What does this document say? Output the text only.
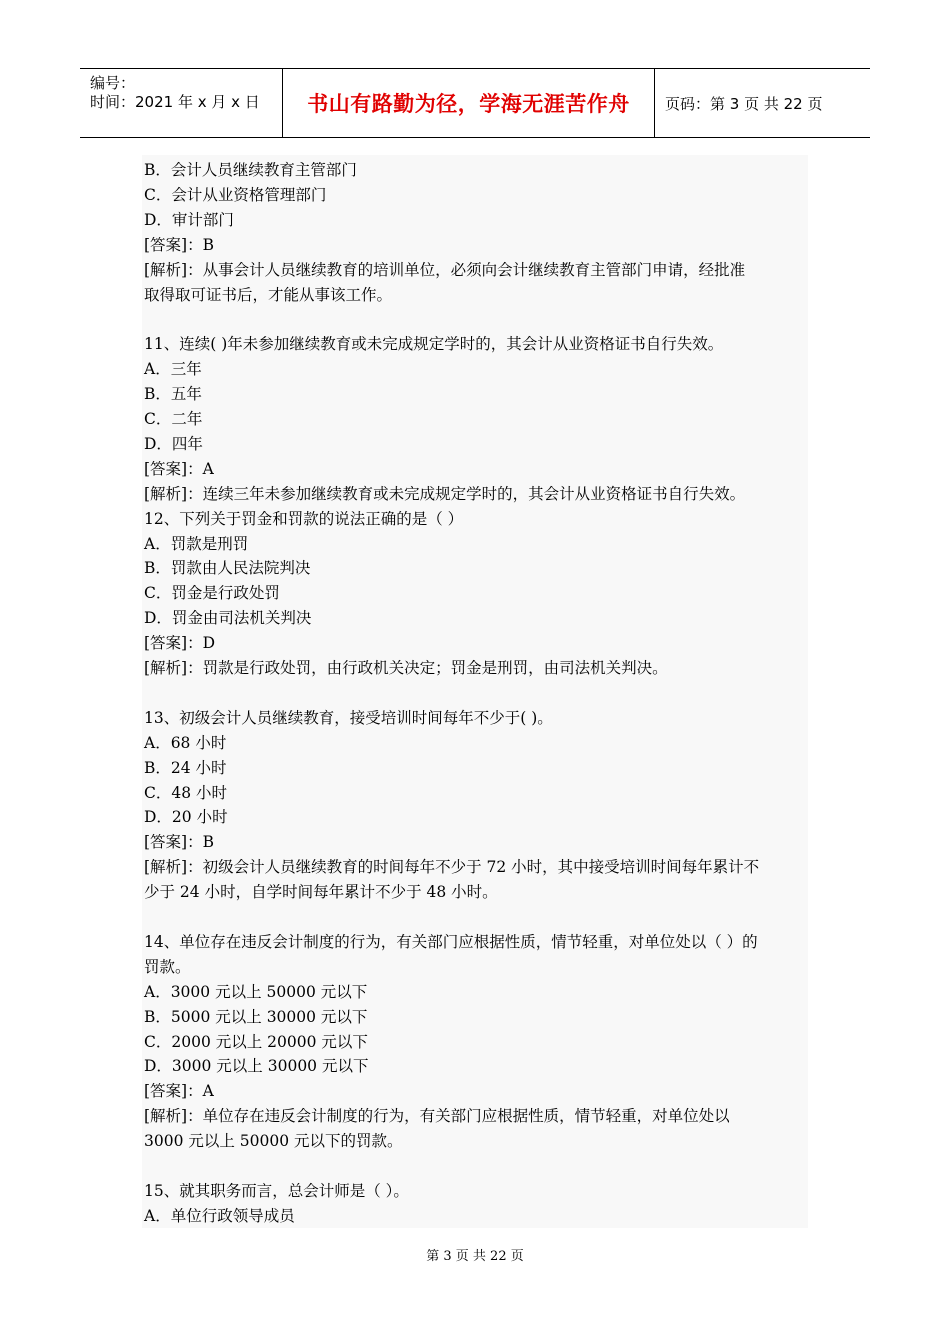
编号：
时间：2021 年 x 月 x 日 书山有路勤为径，学海无涯苦作舟	页码：第 3 页 共 22 页
B．会计人员继续教育主管部门
C．会计从业资格管理部门
D．审计部门
[答案]：B
[解析]：从事会计人员继续教育的培训单位，必须向会计继续教育主管部门申请，经批准
取得取可证书后，才能从事该工作。
11、连续( )年未参加继续教育或未完成规定学时的，其会计从业资格证书自行失效。
A．三年
B．五年
C．二年
D．四年
[答案]：A
[解析]：连续三年未参加继续教育或未完成规定学时的，其会计从业资格证书自行失效。
12、下列关于罚金和罚款的说法正确的是（ ）
A．罚款是刑罚
B．罚款由人民法院判决
C．罚金是行政处罚
D．罚金由司法机关判决
[答案]：D
[解析]：罚款是行政处罚，由行政机关决定；罚金是刑罚，由司法机关判决。
13、初级会计人员继续教育，接受培训时间每年不少于( )。
A．68 小时
B．24 小时
C．48 小时
D．20 小时
[答案]：B
[解析]：初级会计人员继续教育的时间每年不少于 72 小时，其中接受培训时间每年累计不
少于 24 小时，自学时间每年累计不少于 48 小时。
14、单位存在违反会计制度的行为，有关部门应根据性质，情节轻重，对单位处以（ ）的
罚款。
A．3000 元以上 50000 元以下
B．5000 元以上 30000 元以下
C．2000 元以上 20000 元以下
D．3000 元以上 30000 元以下
[答案]：A
[解析]：单位存在违反会计制度的行为，有关部门应根据性质，情节轻重，对单位处以
3000 元以上 50000 元以下的罚款。
15、就其职务而言，总会计师是（ ）。
A．单位行政领导成员
第 3 页 共 22 页
